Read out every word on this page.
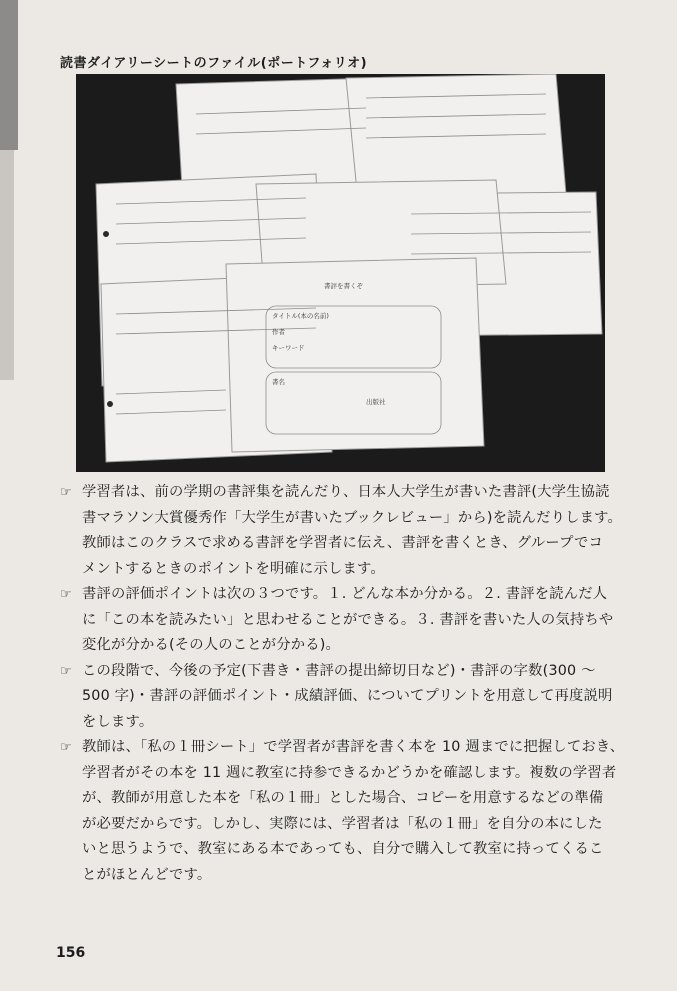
読書ダイアリーシートのファイル(ポートフォリオ)
書評を書くぞ
タイトル(本の名前)
作者
キーワード
書名
出版社
☞ 学習者は、前の学期の書評集を読んだり、日本人大学生が書いた書評(大学生協読
書マラソン大賞優秀作「大学生が書いたブックレビュー」から)を読んだりします。
教師はこのクラスで求める書評を学習者に伝え、書評を書くとき、グループでコ
メントするときのポイントを明確に示します。
☞ 書評の評価ポイントは次の３つです。１. どんな本か分かる。２. 書評を読んだ人
に「この本を読みたい」と思わせることができる。３. 書評を書いた人の気持ちや
変化が分かる(その人のことが分かる)。
☞ この段階で、今後の予定(下書き・書評の提出締切日など)・書評の字数(300 〜
500 字)・書評の評価ポイント・成績評価、についてプリントを用意して再度説明
をします。
☞ 教師は、「私の１冊シート」で学習者が書評を書く本を 10 週までに把握しておき、
学習者がその本を 11 週に教室に持参できるかどうかを確認します。複数の学習者
が、教師が用意した本を「私の１冊」とした場合、コピーを用意するなどの準備
が必要だからです。しかし、実際には、学習者は「私の１冊」を自分の本にした
いと思うようで、教室にある本であっても、自分で購入して教室に持ってくるこ
とがほとんどです。
156
